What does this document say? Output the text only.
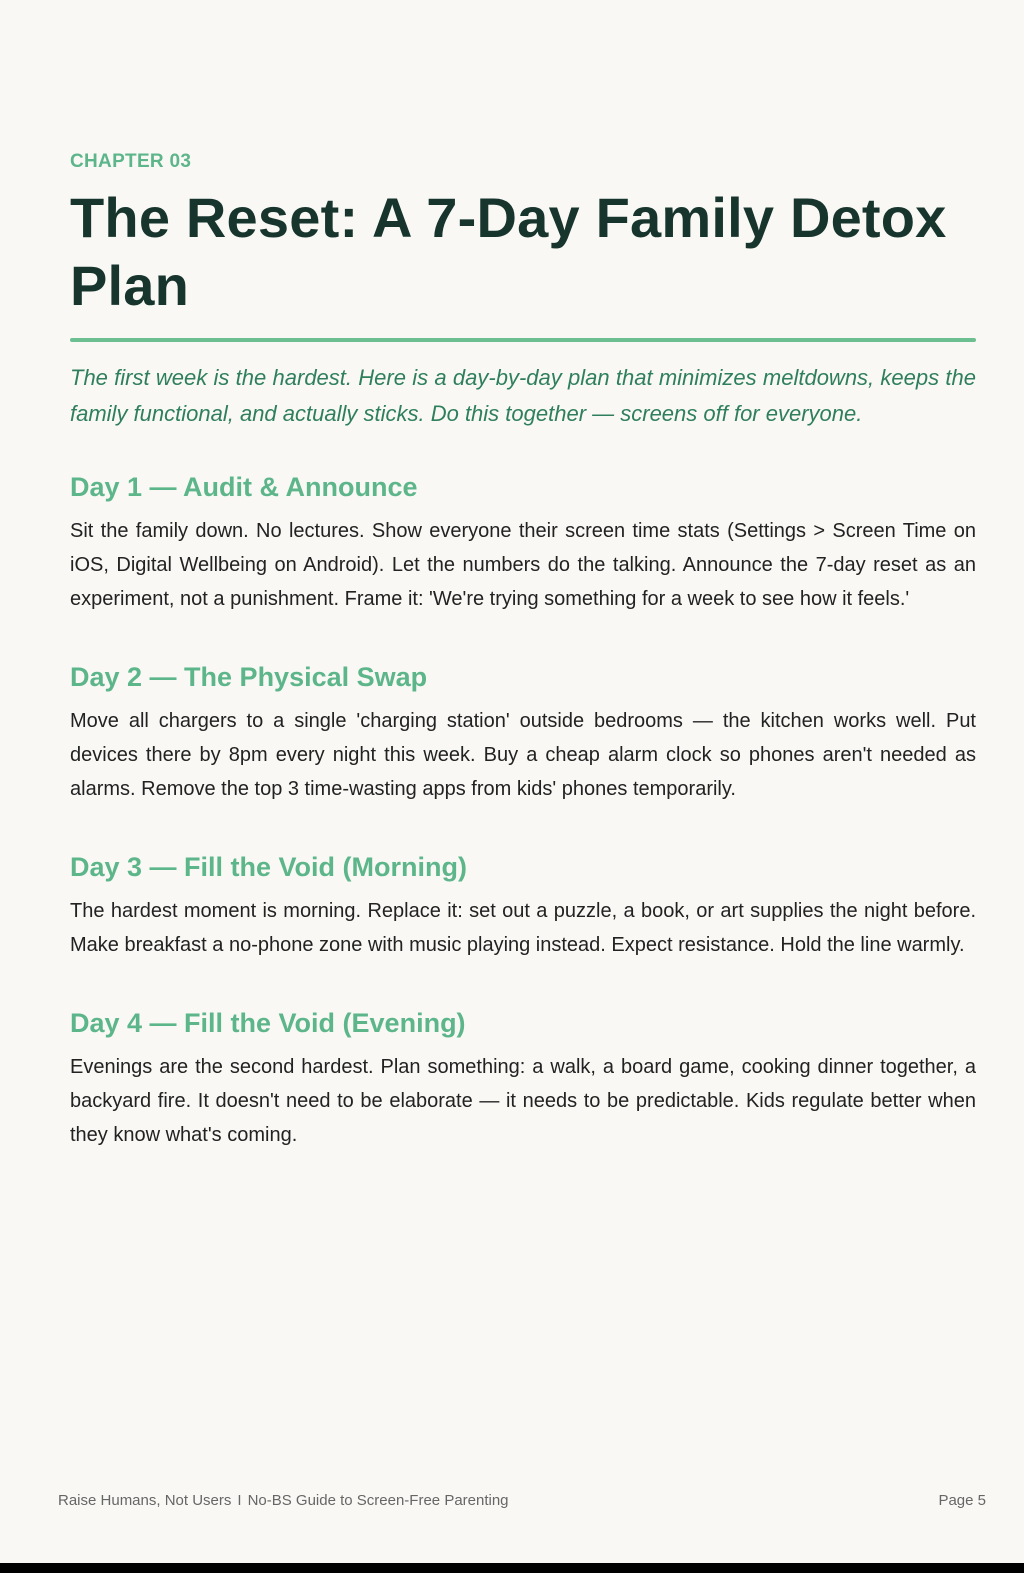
CHAPTER 03
The Reset: A 7-Day Family Detox Plan

The first week is the hardest. Here is a day-by-day plan that minimizes meltdowns, keeps the family functional, and actually sticks. Do this together — screens off for everyone.

Day 1 — Audit & Announce

Sit the family down. No lectures. Show everyone their screen time stats (Settings > Screen Time on iOS, Digital Wellbeing on Android). Let the numbers do the talking. Announce the 7-day reset as an experiment, not a punishment. Frame it: 'We're trying something for a week to see how it feels.'

Day 2 — The Physical Swap

Move all chargers to a single 'charging station' outside bedrooms — the kitchen works well. Put devices there by 8pm every night this week. Buy a cheap alarm clock so phones aren't needed as alarms. Remove the top 3 time-wasting apps from kids' phones temporarily.

Day 3 — Fill the Void (Morning)

The hardest moment is morning. Replace it: set out a puzzle, a book, or art supplies the night before. Make breakfast a no-phone zone with music playing instead. Expect resistance. Hold the line warmly.

Day 4 — Fill the Void (Evening)

Evenings are the second hardest. Plan something: a walk, a board game, cooking dinner together, a backyard fire. It doesn't need to be elaborate — it needs to be predictable. Kids regulate better when they know what's coming.

Raise Humans, Not Users I No-BS Guide to Screen-Free Parenting	Page 5
